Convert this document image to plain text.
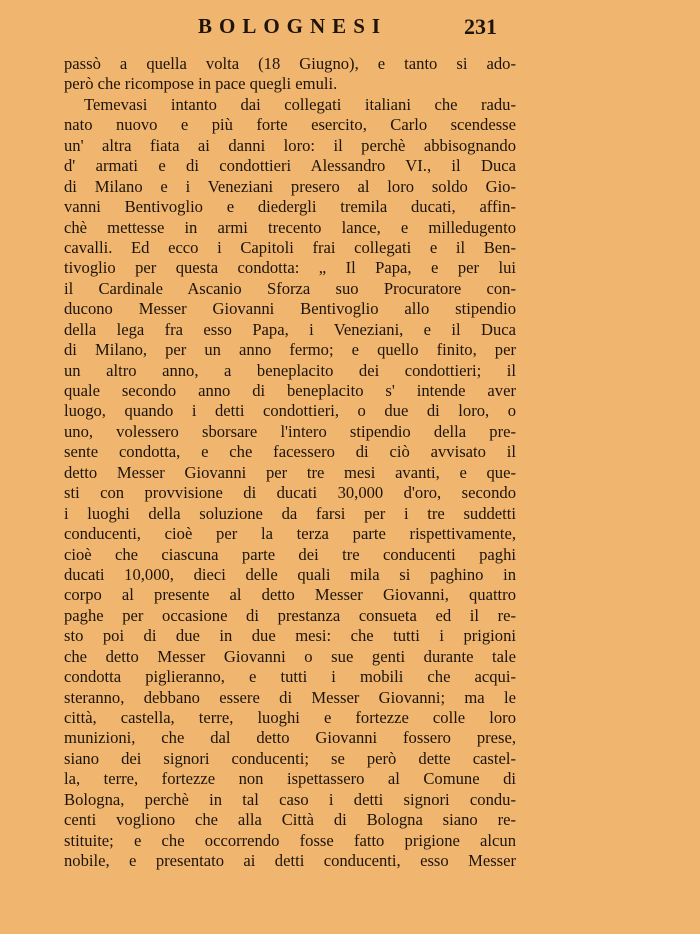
BOLOGNESI	231
passò a quella volta (18 Giugno), e tanto si ado-
però che ricompose in pace quegli emuli.
Temevasi intanto dai collegati italiani che radu-
nato nuovo e più forte esercito, Carlo scendesse
un' altra fiata ai danni loro: il perchè abbisognando
d' armati e di condottieri Alessandro VI., il Duca
di Milano e i Veneziani presero al loro soldo Gio-
vanni Bentivoglio e diedergli tremila ducati, affin-
chè mettesse in armi trecento lance, e milledugento
cavalli. Ed ecco i Capitoli frai collegati e il Ben-
tivoglio per questa condotta: „ Il Papa, e per lui
il Cardinale Ascanio Sforza suo Procuratore con-
ducono Messer Giovanni Bentivoglio allo stipendio
della lega fra esso Papa, i Veneziani, e il Duca
di Milano, per un anno fermo; e quello finito, per
un altro anno, a beneplacito dei condottieri; il
quale secondo anno di beneplacito s' intende aver
luogo, quando i detti condottieri, o due di loro, o
uno, volessero sborsare l'intero stipendio della pre-
sente condotta, e che facessero di ciò avvisato il
detto Messer Giovanni per tre mesi avanti, e que-
sti con provvisione di ducati 30,000 d'oro, secondo
i luoghi della soluzione da farsi per i tre suddetti
conducenti, cioè per la terza parte rispettivamente,
cioè che ciascuna parte dei tre conducenti paghi
ducati 10,000, dieci delle quali mila si paghino in
corpo al presente al detto Messer Giovanni, quattro
paghe per occasione di prestanza consueta ed il re-
sto poi di due in due mesi: che tutti i prigioni
che detto Messer Giovanni o sue genti durante tale
condotta piglieranno, e tutti i mobili che acqui-
steranno, debbano essere di Messer Giovanni; ma le
città, castella, terre, luoghi e fortezze colle loro
munizioni, che dal detto Giovanni fossero prese,
siano dei signori conducenti; se però dette castel-
la, terre, fortezze non ispettassero al Comune di
Bologna, perchè in tal caso i detti signori condu-
centi vogliono che alla Città di Bologna siano re-
stituite; e che occorrendo fosse fatto prigione alcun
nobile, e presentato ai detti conducenti, esso Messer
